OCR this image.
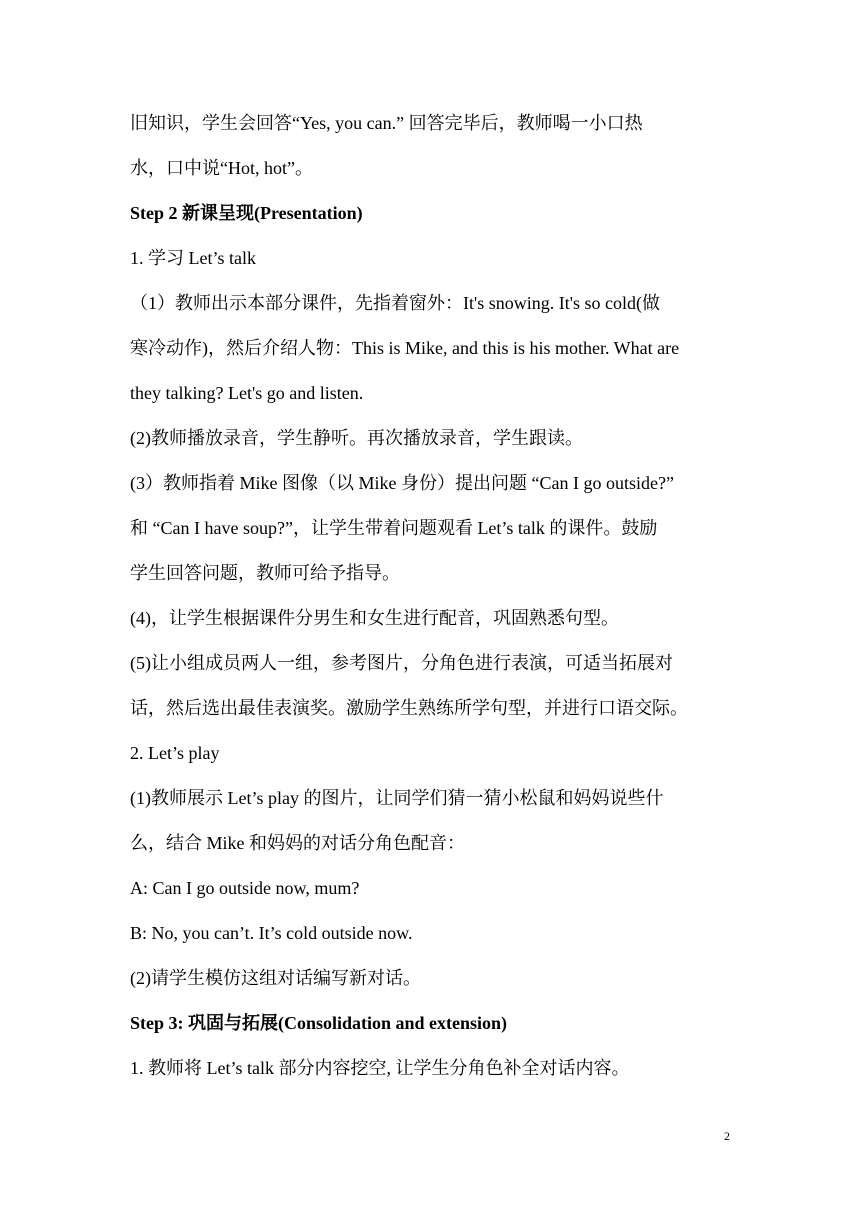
旧知识，学生会回答“Yes, you can.” 回答完毕后，教师喝一小口热

水，口中说“Hot, hot”。

Step 2 新课呈现(Presentation)

1. 学习 Let’s talk

（1）教师出示本部分课件，先指着窗外：It's snowing. It's so cold(做

寒冷动作)，然后介绍人物：This is Mike, and this is his mother. What are

they talking? Let's go and listen.

(2)教师播放录音，学生静听。再次播放录音，学生跟读。

(3）教师指着 Mike 图像（以 Mike 身份）提出问题 “Can I go outside?”

和 “Can I have soup?”，让学生带着问题观看 Let’s talk 的课件。鼓励

学生回答问题，教师可给予指导。

(4)，让学生根据课件分男生和女生进行配音，巩固熟悉句型。

(5)让小组成员两人一组，参考图片，分角色进行表演，可适当拓展对

话，然后选出最佳表演奖。激励学生熟练所学句型，并进行口语交际。

2. Let’s play

(1)教师展示 Let’s play 的图片，让同学们猜一猜小松鼠和妈妈说些什

么，结合 Mike 和妈妈的对话分角色配音：

A: Can I go outside now, mum?

B: No, you can’t. It’s cold outside now.

(2)请学生模仿这组对话编写新对话。

Step 3: 巩固与拓展(Consolidation and extension)

1. 教师将 Let’s talk 部分内容挖空, 让学生分角色补全对话内容。

2
